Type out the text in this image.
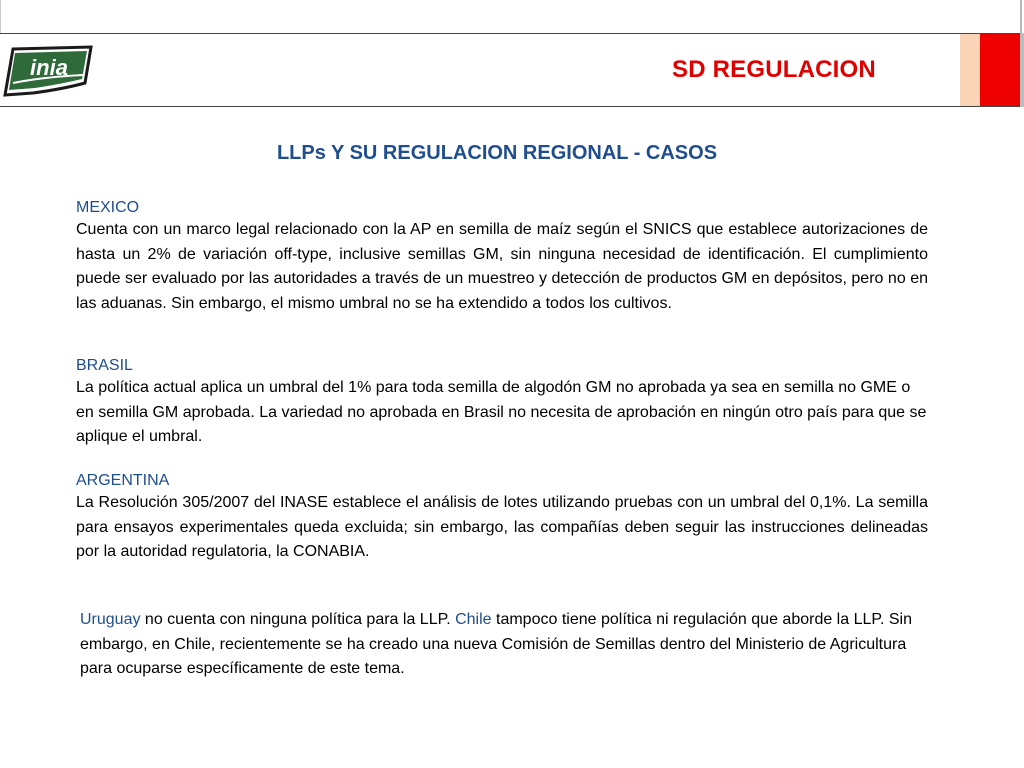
inia	SD REGULACION
LLPs Y SU REGULACION REGIONAL - CASOS
MEXICO

Cuenta con un marco legal relacionado con la AP en semilla de maíz según el SNICS que establece autorizaciones de hasta un 2% de variación off-type, inclusive semillas GM, sin ninguna necesidad de identificación. El cumplimiento puede ser evaluado por las autoridades a través de un muestreo y detección de productos GM en depósitos, pero no en las aduanas. Sin embargo, el mismo umbral no se ha extendido a todos los cultivos.

BRASIL

La política actual aplica un umbral del 1% para toda semilla de algodón GM no aprobada ya sea en semilla no GME o en semilla GM aprobada. La variedad no aprobada en Brasil no necesita de aprobación en ningún otro país para que se aplique el umbral.

ARGENTINA

La Resolución 305/2007 del INASE establece el análisis de lotes utilizando pruebas con un umbral del 0,1%. La semilla para ensayos experimentales queda excluida; sin embargo, las compañías deben seguir las instrucciones delineadas por la autoridad regulatoria, la CONABIA.

Uruguay no cuenta con ninguna política para la LLP. Chile tampoco tiene política ni regulación que aborde la LLP. Sin embargo, en Chile, recientemente se ha creado una nueva Comisión de Semillas dentro del Ministerio de Agricultura para ocuparse específicamente de este tema.
